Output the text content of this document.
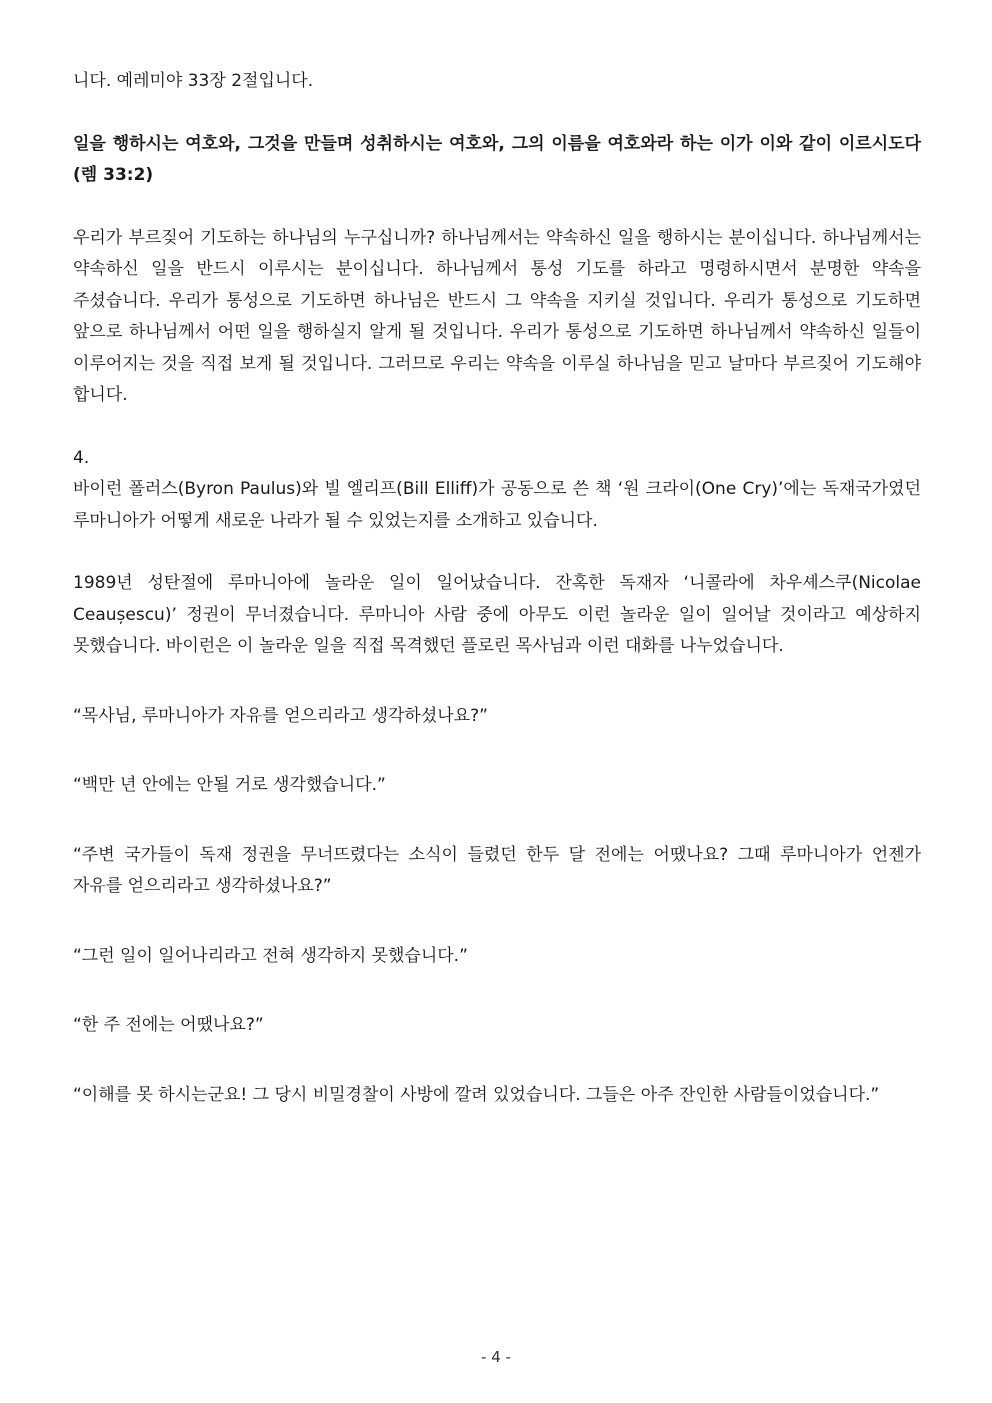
니다. 예레미야 33장 2절입니다.

일을 행하시는 여호와, 그것을 만들며 성취하시는 여호와, 그의 이름을 여호와라 하는 이가 이와 같이 이르시도다 (렘 33:2)

우리가 부르짖어 기도하는 하나님의 누구십니까? 하나님께서는 약속하신 일을 행하시는 분이십니다. 하나님께서는 약속하신 일을 반드시 이루시는 분이십니다. 하나님께서 통성 기도를 하라고 명령하시면서 분명한 약속을 주셨습니다. 우리가 통성으로 기도하면 하나님은 반드시 그 약속을 지키실 것입니다. 우리가 통성으로 기도하면 앞으로 하나님께서 어떤 일을 행하실지 알게 될 것입니다. 우리가 통성으로 기도하면 하나님께서 약속하신 일들이 이루어지는 것을 직접 보게 될 것입니다. 그러므로 우리는 약속을 이루실 하나님을 믿고 날마다 부르짖어 기도해야 합니다.

4.

바이런 폴러스(Byron Paulus)와 빌 엘리프(Bill Elliff)가 공동으로 쓴 책 ‘원 크라이(One Cry)’에는 독재국가였던 루마니아가 어떻게 새로운 나라가 될 수 있었는지를 소개하고 있습니다.

1989년 성탄절에 루마니아에 놀라운 일이 일어났습니다. 잔혹한 독재자 ‘니콜라에 차우셰스쿠(Nicolae Ceaușescu)’ 정권이 무너졌습니다. 루마니아 사람 중에 아무도 이런 놀라운 일이 일어날 것이라고 예상하지 못했습니다. 바이런은 이 놀라운 일을 직접 목격했던 플로린 목사님과 이런 대화를 나누었습니다.

“목사님, 루마니아가 자유를 얻으리라고 생각하셨나요?”

“백만 년 안에는 안될 거로 생각했습니다.”

“주변 국가들이 독재 정권을 무너뜨렸다는 소식이 들렸던 한두 달 전에는 어땠나요? 그때 루마니아가 언젠가 자유를 얻으리라고 생각하셨나요?”

“그런 일이 일어나리라고 전혀 생각하지 못했습니다.”

“한 주 전에는 어땠나요?”

“이해를 못 하시는군요! 그 당시 비밀경찰이 사방에 깔려 있었습니다. 그들은 아주 잔인한 사람들이었습니다.”

- 4 -
